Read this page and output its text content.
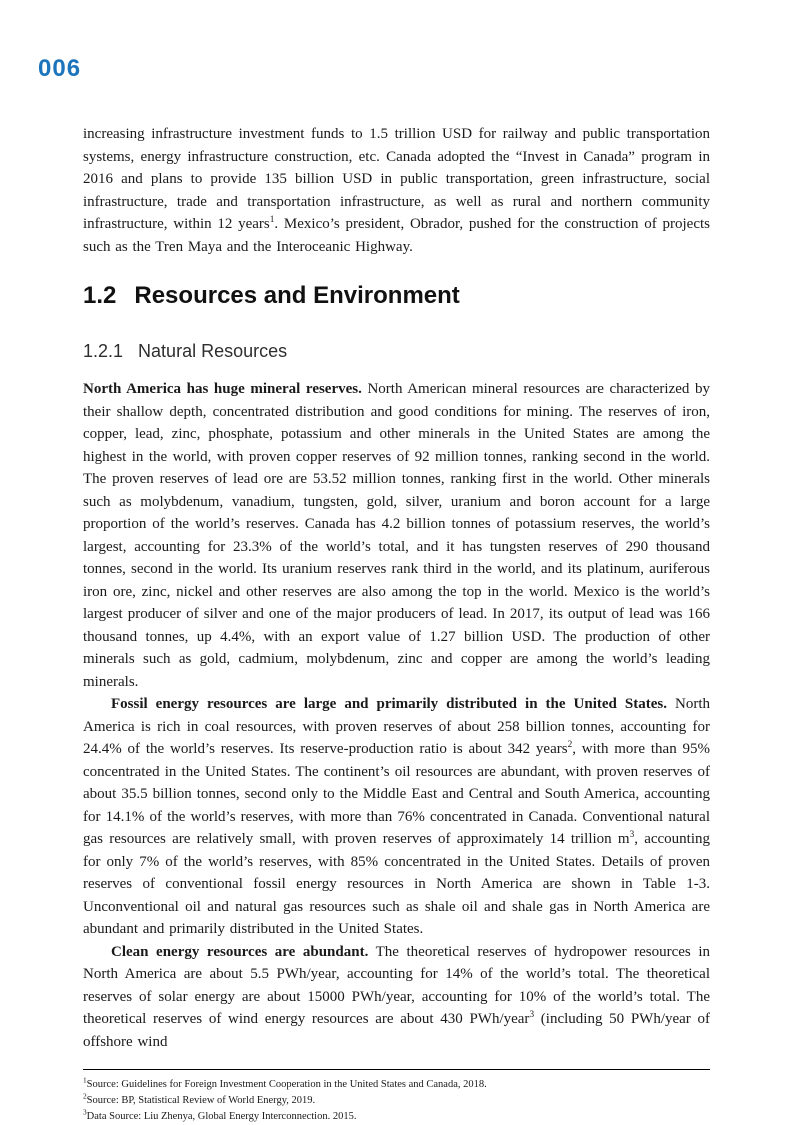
006

increasing infrastructure investment funds to 1.5 trillion USD for railway and public transportation systems, energy infrastructure construction, etc. Canada adopted the “Invest in Canada” program in 2016 and plans to provide 135 billion USD in public transportation, green infrastructure, social infrastructure, trade and transportation infrastructure, as well as rural and northern community infrastructure, within 12 years$^1$. Mexico’s president, Obrador, pushed for the construction of projects such as the Tren Maya and the Interoceanic Highway.

1.2 Resources and Environment
1.2.1 Natural Resources

North America has huge mineral reserves. North American mineral resources are characterized by their shallow depth, concentrated distribution and good conditions for mining. The reserves of iron, copper, lead, zinc, phosphate, potassium and other minerals in the United States are among the highest in the world, with proven copper reserves of 92 million tonnes, ranking second in the world. The proven reserves of lead ore are 53.52 million tonnes, ranking first in the world. Other minerals such as molybdenum, vanadium, tungsten, gold, silver, uranium and boron account for a large proportion of the world’s reserves. Canada has 4.2 billion tonnes of potassium reserves, the world’s largest, accounting for 23.3% of the world’s total, and it has tungsten reserves of 290 thousand tonnes, second in the world. Its uranium reserves rank third in the world, and its platinum, auriferous iron ore, zinc, nickel and other reserves are also among the top in the world. Mexico is the world’s largest producer of silver and one of the major producers of lead. In 2017, its output of lead was 166 thousand tonnes, up 4.4%, with an export value of 1.27 billion USD. The production of other minerals such as gold, cadmium, molybdenum, zinc and copper are among the world’s leading minerals.

Fossil energy resources are large and primarily distributed in the United States. North America is rich in coal resources, with proven reserves of about 258 billion tonnes, accounting for 24.4% of the world’s reserves. Its reserve-production ratio is about 342 years$^2$, with more than 95% concentrated in the United States. The continent’s oil resources are abundant, with proven reserves of about 35.5 billion tonnes, second only to the Middle East and Central and South America, accounting for 14.1% of the world’s reserves, with more than 76% concentrated in Canada. Conventional natural gas resources are relatively small, with proven reserves of approximately 14 trillion m$^3$, accounting for only 7% of the world’s reserves, with 85% concentrated in the United States. Details of proven reserves of conventional fossil energy resources in North America are shown in Table 1-3. Unconventional oil and natural gas resources such as shale oil and shale gas in North America are abundant and primarily distributed in the United States.

Clean energy resources are abundant. The theoretical reserves of hydropower resources in North America are about 5.5 PWh/year, accounting for 14% of the world’s total. The theoretical reserves of solar energy are about 15000 PWh/year, accounting for 10% of the world’s total. The theoretical reserves of wind energy resources are about 430 PWh/year$^3$ (including 50 PWh/year of offshore wind

$^1$Source: Guidelines for Foreign Investment Cooperation in the United States and Canada, 2018.
$^2$Source: BP, Statistical Review of World Energy, 2019.
$^3$Data Source: Liu Zhenya, Global Energy Interconnection. 2015.
